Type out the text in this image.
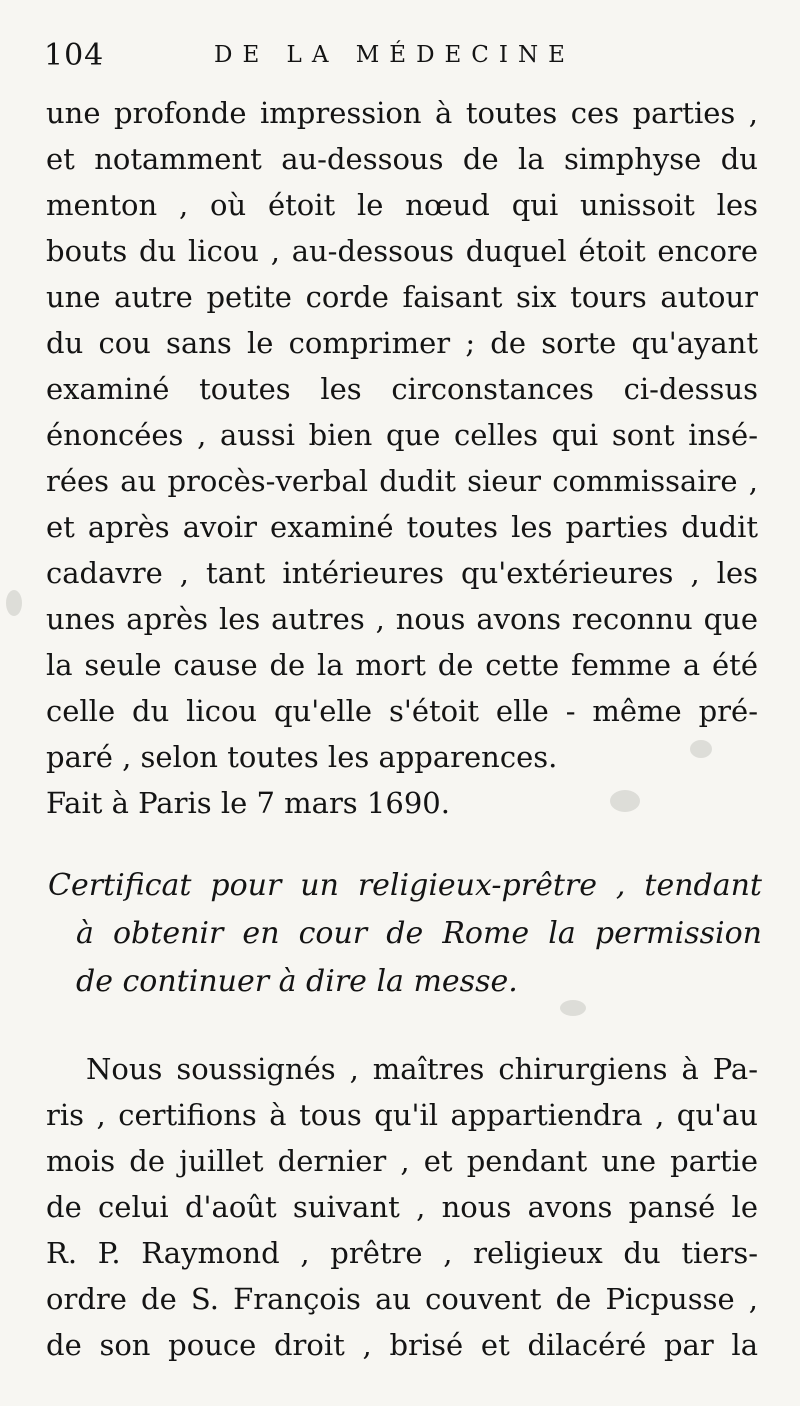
104	DE LA MÉDECINE
une profonde impression à toutes ces parties ,
et notamment au-dessous de la simphyse du
menton , où étoit le nœud qui unissoit les
bouts du licou , au-dessous duquel étoit encore
une autre petite corde faisant six tours autour
du cou sans le comprimer ; de sorte qu'ayant
examiné toutes les circonstances ci-dessus
énoncées , aussi bien que celles qui sont insé-
rées au procès-verbal dudit sieur commissaire ,
et après avoir examiné toutes les parties dudit
cadavre , tant intérieures qu'extérieures , les
unes après les autres , nous avons reconnu que
la seule cause de la mort de cette femme a été
celle du licou qu'elle s'étoit elle - même pré-
paré , selon toutes les apparences.
Fait à Paris le 7 mars 1690.
Certificat pour un religieux-prêtre , tendant
à obtenir en cour de Rome la permission
de continuer à dire la messe.
Nous soussignés , maîtres chirurgiens à Pa-
ris , certifions à tous qu'il appartiendra , qu'au
mois de juillet dernier , et pendant une partie
de celui d'août suivant , nous avons pansé le
R. P. Raymond , prêtre , religieux du tiers-
ordre de S. François au couvent de Picpusse ,
de son pouce droit , brisé et dilacéré par la
